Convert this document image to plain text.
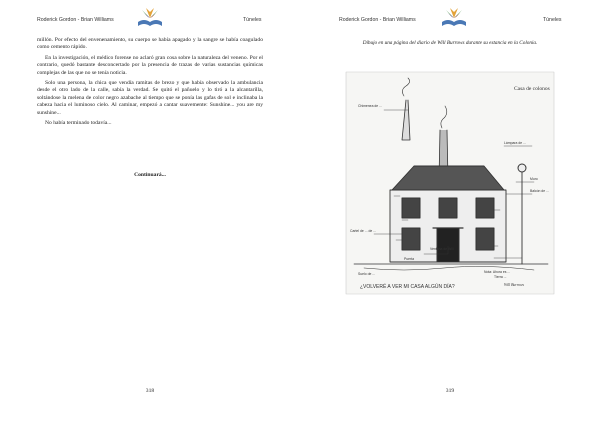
Roderick Gordon - Brian Williams	Túneles

millón. Por efecto del envenenamiento, su cuerpo se había apagado y la sangre se había coagulado como cemento rápido.

En la investigación, el médico forense no aclaró gran cosa sobre la naturaleza del veneno. Por el contrario, quedó bastante desconcertado por la presencia de trazas de varias sustancias químicas complejas de las que no se tenía noticia.

Solo una persona, la chica que vendía ramitas de brezo y que había observado la ambulancia desde el otro lado de la calle, sabía la verdad. Se quitó el pañuelo y lo tiró a la alcantarilla, soltándose la melena de color negro azabache al tiempo que se ponía las gafas de sol e inclinaba la cabeza hacia el luminoso cielo. Al caminar, empezó a cantar suavemente: Sunshine... you are my sunshine...

No había terminado todavía...

Continuará...
318
Roderick Gordon - Brian Williams	Túneles
Dibujo en una página del diario de Will Burrows durante su estancia en la Colonia.
Casa de colonos
Chimenea de ...
Lámpara de ...
Muro
Balcón de ...
Cartel de ... de ...
Puerta
Ventana de Will
Suelo de ...	Nota: Ahora es ...
Tierra ...
¿VOLVERÉ A VER MI CASA ALGÚN DÍA?	Will Burrows
319
